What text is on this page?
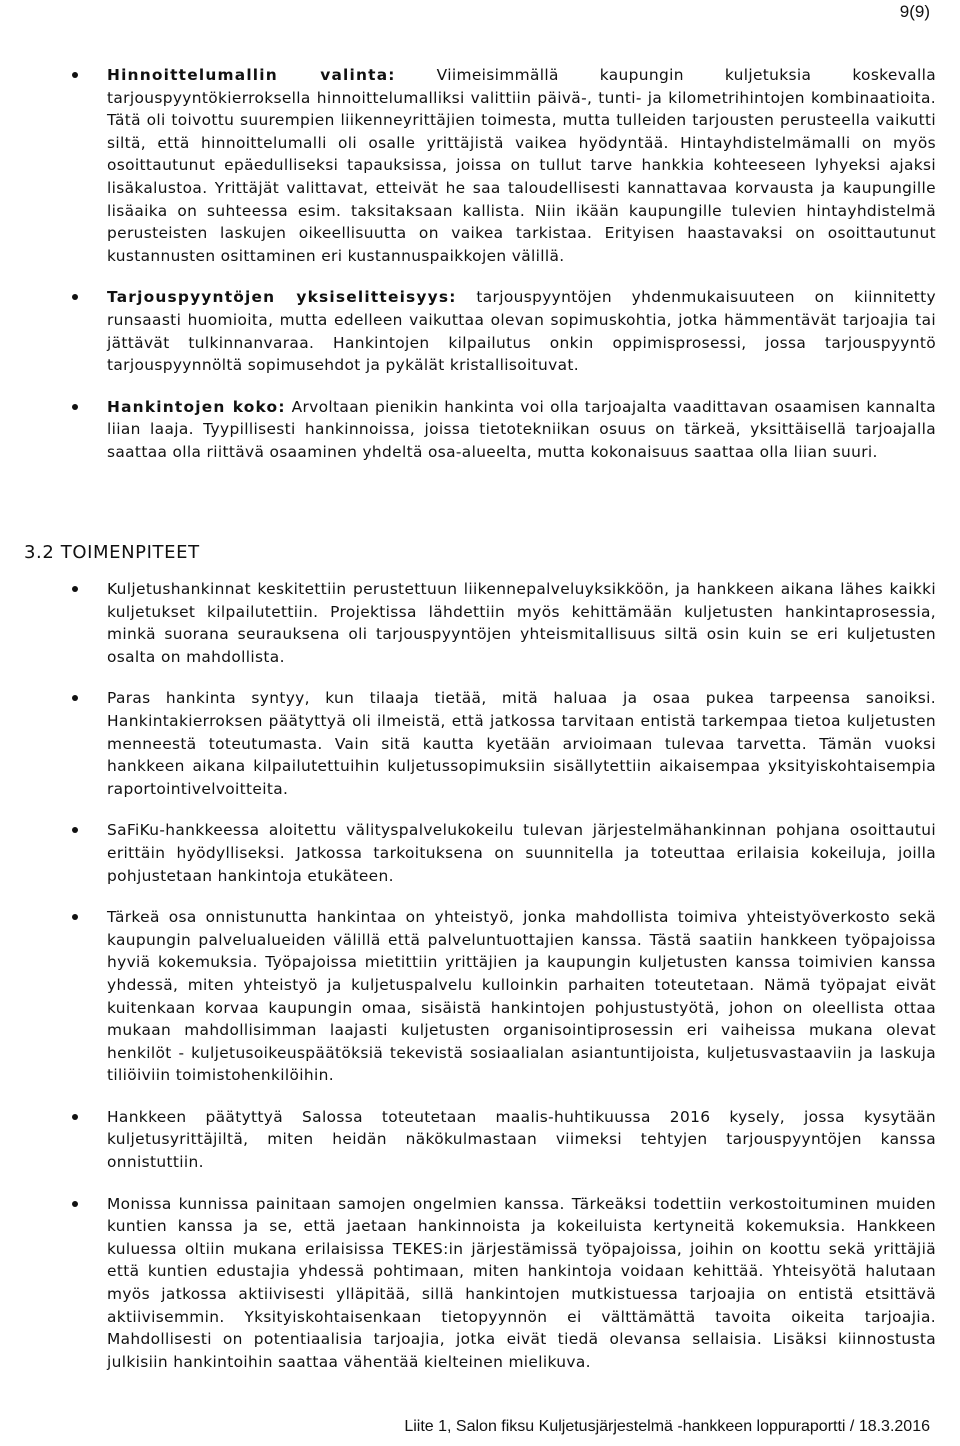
9(9)
Hinnoittelumallin valinta: Viimeisimmällä kaupungin kuljetuksia koskevalla tarjouspyyntökierroksella hinnoittelumalliksi valittiin päivä-, tunti- ja kilometrihintojen kombinaatioita. Tätä oli toivottu suurempien liikenneyrittäjien toimesta, mutta tulleiden tarjousten perusteella vaikutti siltä, että hinnoittelumalli oli osalle yrittäjistä vaikea hyödyntää. Hintayhdistelmämalli on myös osoittautunut epäedulliseksi tapauksissa, joissa on tullut tarve hankkia kohteeseen lyhyeksi ajaksi lisäkalustoa. Yrittäjät valittavat, etteivät he saa taloudellisesti kannattavaa korvausta ja kaupungille lisäaika on suhteessa esim. taksitaksaan kallista. Niin ikään kaupungille tulevien hintayhdistelmä perusteisten laskujen oikeellisuutta on vaikea tarkistaa. Erityisen haastavaksi on osoittautunut kustannusten osittaminen eri kustannuspaikkojen välillä.
Tarjouspyyntöjen yksiselitteisyys: tarjouspyyntöjen yhdenmukaisuuteen on kiinnitetty runsaasti huomioita, mutta edelleen vaikuttaa olevan sopimuskohtia, jotka hämmentävät tarjoajia tai jättävät tulkinnanvaraa. Hankintojen kilpailutus onkin oppimisprosessi, jossa tarjouspyyntö tarjouspyynnöltä sopimusehdot ja pykälät kristallisoituvat.
Hankintojen koko: Arvoltaan pienikin hankinta voi olla tarjoajalta vaadittavan osaamisen kannalta liian laaja. Tyypillisesti hankinnoissa, joissa tietotekniikan osuus on tärkeä, yksittäisellä tarjoajalla saattaa olla riittävä osaaminen yhdeltä osa-alueelta, mutta kokonaisuus saattaa olla liian suuri.
3.2 TOIMENPITEET
Kuljetushankinnat keskitettiin perustettuun liikennepalveluyksikköön, ja hankkeen aikana lähes kaikki kuljetukset kilpailutettiin. Projektissa lähdettiin myös kehittämään kuljetusten hankintaprosessia, minkä suorana seurauksena oli tarjouspyyntöjen yhteismitallisuus siltä osin kuin se eri kuljetusten osalta on mahdollista.
Paras hankinta syntyy, kun tilaaja tietää, mitä haluaa ja osaa pukea tarpeensa sanoiksi. Hankintakierroksen päätyttyä oli ilmeistä, että jatkossa tarvitaan entistä tarkempaa tietoa kuljetusten menneestä toteutumasta. Vain sitä kautta kyetään arvioimaan tulevaa tarvetta. Tämän vuoksi hankkeen aikana kilpailutettuihin kuljetussopimuksiin sisällytettiin aikaisempaa yksityiskohtaisempia raportointivelvoitteita.
SaFiKu-hankkeessa aloitettu välityspalvelukokeilu tulevan järjestelmähankinnan pohjana osoittautui erittäin hyödylliseksi. Jatkossa tarkoituksena on suunnitella ja toteuttaa erilaisia kokeiluja, joilla pohjustetaan hankintoja etukäteen.
Tärkeä osa onnistunutta hankintaa on yhteistyö, jonka mahdollista toimiva yhteistyöverkosto sekä kaupungin palvelualueiden välillä että palveluntuottajien kanssa. Tästä saatiin hankkeen työpajoissa hyviä kokemuksia. Työpajoissa mietittiin yrittäjien ja kaupungin kuljetusten kanssa toimivien kanssa yhdessä, miten yhteistyö ja kuljetuspalvelu kulloinkin parhaiten toteutetaan. Nämä työpajat eivät kuitenkaan korvaa kaupungin omaa, sisäistä hankintojen pohjustustyötä, johon on oleellista ottaa mukaan mahdollisimman laajasti kuljetusten organisointiprosessin eri vaiheissa mukana olevat henkilöt - kuljetusoikeuspäätöksiä tekevistä sosiaalialan asiantuntijoista, kuljetusvastaaviin ja laskuja tiliöiviin toimistohenkilöihin.
Hankkeen päätyttyä Salossa toteutetaan maalis-huhtikuussa 2016 kysely, jossa kysytään kuljetusyrittäjiltä, miten heidän näkökulmastaan viimeksi tehtyjen tarjouspyyntöjen kanssa onnistuttiin.
Monissa kunnissa painitaan samojen ongelmien kanssa. Tärkeäksi todettiin verkostoituminen muiden kuntien kanssa ja se, että jaetaan hankinnoista ja kokeiluista kertyneitä kokemuksia. Hankkeen kuluessa oltiin mukana erilaisissa TEKES:in järjestämissä työpajoissa, joihin on koottu sekä yrittäjiä että kuntien edustajia yhdessä pohtimaan, miten hankintoja voidaan kehittää. Yhteisyötä halutaan myös jatkossa aktiivisesti ylläpitää, sillä hankintojen mutkistuessa tarjoajia on entistä etsittävä aktiivisemmin. Yksityiskohtaisenkaan tietopyynnön ei välttämättä tavoita oikeita tarjoajia. Mahdollisesti on potentiaalisia tarjoajia, jotka eivät tiedä olevansa sellaisia. Lisäksi kiinnostusta julkisiin hankintoihin saattaa vähentää kielteinen mielikuva.
Liite 1, Salon fiksu Kuljetusjärjestelmä -hankkeen loppuraportti / 18.3.2016
